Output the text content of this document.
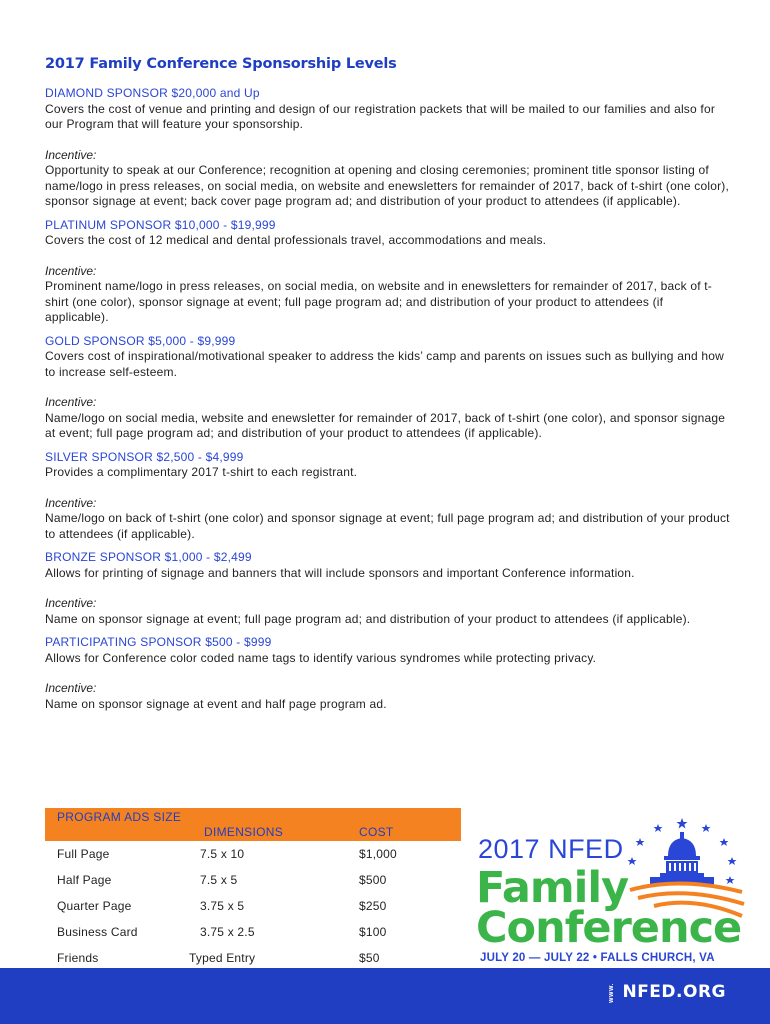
2017 Family Conference Sponsorship Levels
DIAMOND SPONSOR $20,000 and Up
Covers the cost of venue and printing and design of our registration packets that will be mailed to our families and also for our Program that will feature your sponsorship.
Incentive:
Opportunity to speak at our Conference; recognition at opening and closing ceremonies; prominent title sponsor listing of name/logo in press releases, on social media, on website and enewsletters for remainder of 2017, back of t-shirt (one color), sponsor signage at event; back cover page program ad; and distribution of your product to attendees (if applicable).
PLATINUM SPONSOR $10,000 - $19,999
Covers the cost of 12 medical and dental professionals travel, accommodations and meals.
Incentive:
Prominent name/logo in press releases, on social media, on website and in enewsletters for remainder of 2017, back of t-shirt (one color), sponsor signage at event; full page program ad; and distribution of your product to attendees (if applicable).
GOLD SPONSOR $5,000 - $9,999
Covers cost of inspirational/motivational speaker to address the kids’ camp and parents on issues such as bullying and how to increase self-esteem.
Incentive:
Name/logo on social media, website and enewsletter for remainder of 2017, back of t-shirt (one color), and sponsor signage at event; full page program ad; and distribution of your product to attendees (if applicable).
SILVER SPONSOR $2,500 - $4,999
Provides a complimentary 2017 t-shirt to each registrant.
Incentive:
Name/logo on back of t-shirt (one color) and sponsor signage at event; full page program ad; and distribution of your product to attendees (if applicable).
BRONZE SPONSOR $1,000 - $2,499
Allows for printing of signage and banners that will include sponsors and important Conference information.
Incentive:
Name on sponsor signage at event; full page program ad; and distribution of your product to attendees (if applicable).
PARTICIPATING SPONSOR $500 - $999
Allows for Conference color coded name tags to identify various syndromes while protecting privacy.
Incentive:
Name on sponsor signage at event and half page program ad.
PROGRAM ADS SIZE
DIMENSIONS	COST
Full Page	7.5 x 10	$1,000
Half Page	7.5 x 5	$500
Quarter Page	3.75 x 5	$250
Business Card	3.75 x 2.5	$100
Friends	Typed Entry	$50
2017 NFED
Family
Conference
JULY 20 — JULY 22 • FALLS CHURCH, VA
WWW. NFED.ORG
